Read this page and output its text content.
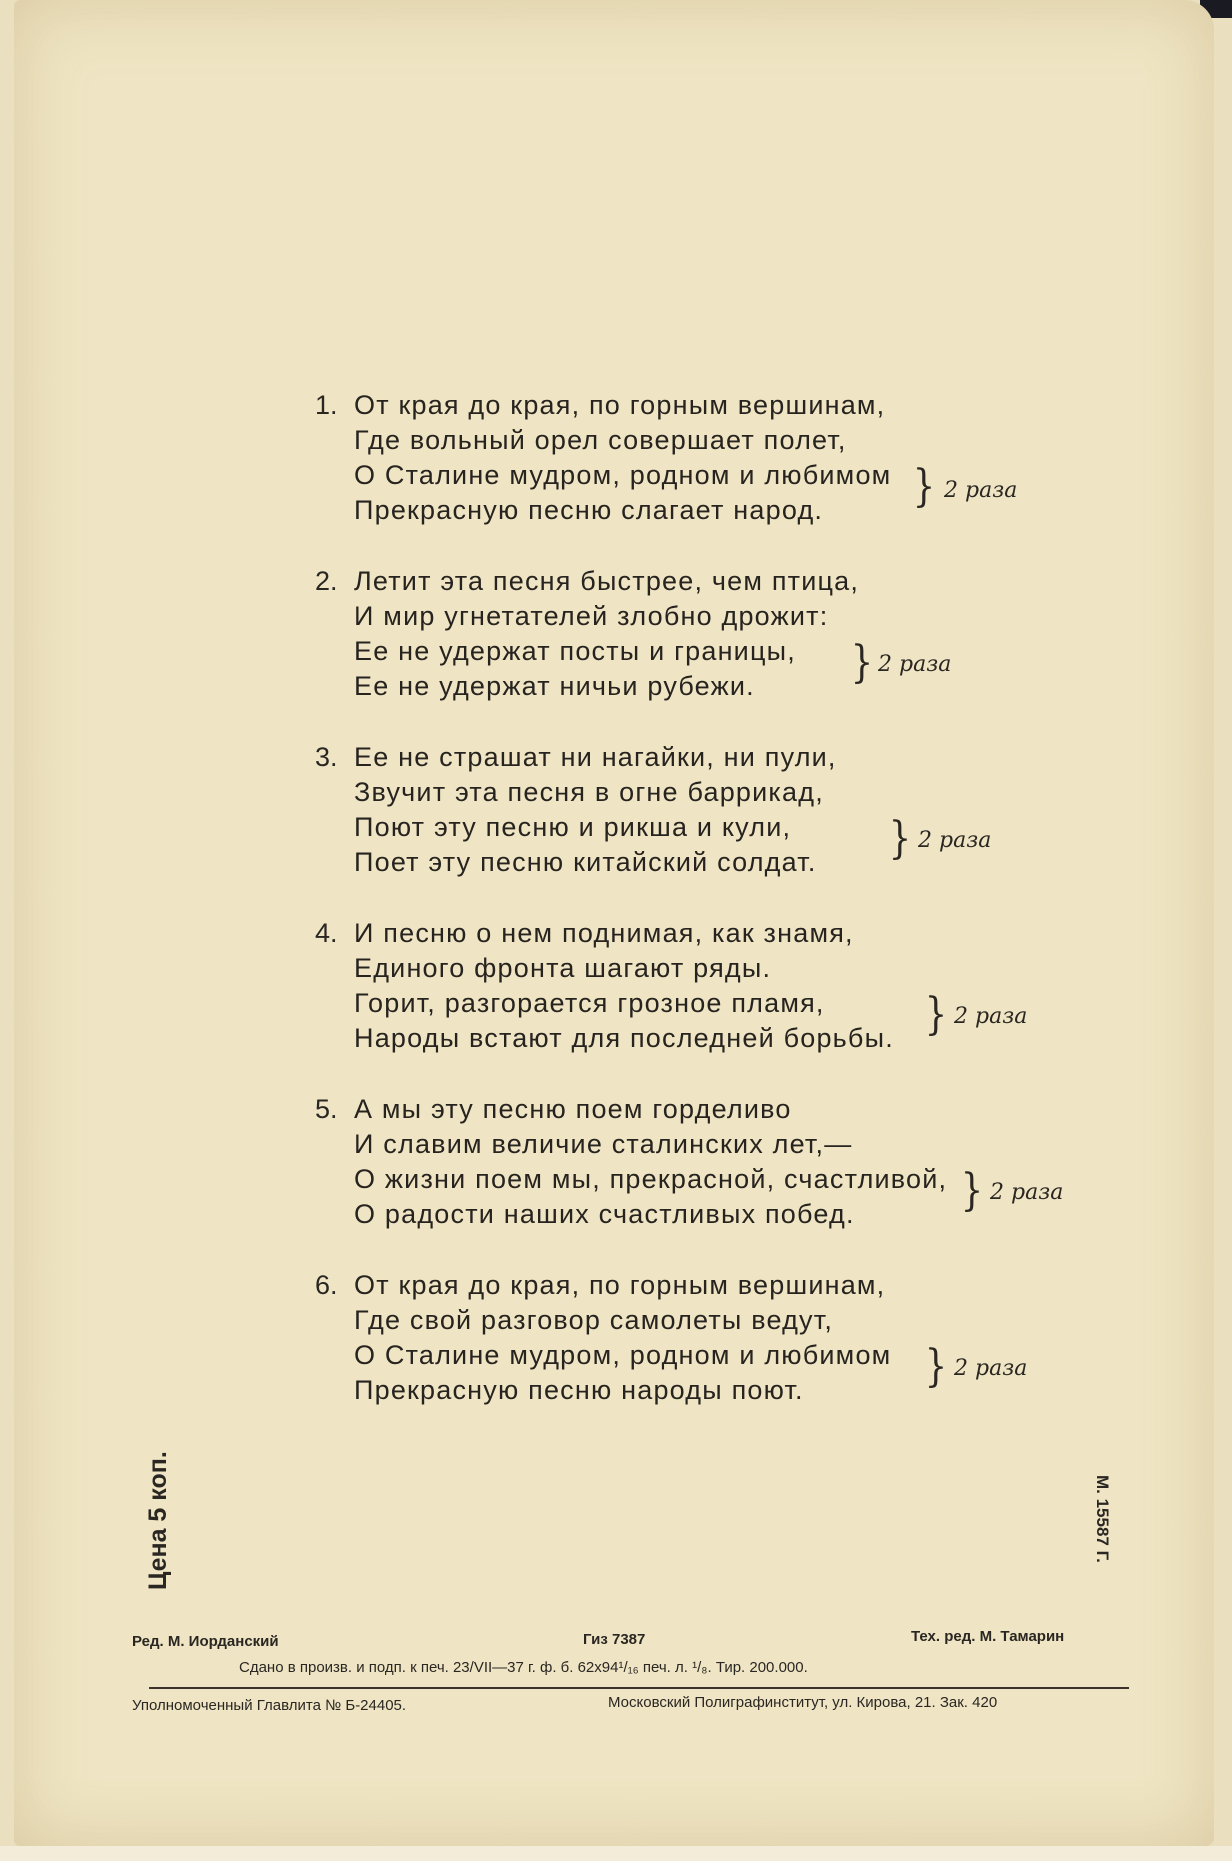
1. От края до края, по горным вершинам,
Где вольный орел совершает полет,
О Сталине мудром, родном и любимом
Прекрасную песню слагает народ.	} 2 раза
2. Летит эта песня быстрее, чем птица,
И мир угнетателей злобно дрожит:
Ее не удержат посты и границы,
Ее не удержат ничьи рубежи.	} 2 раза
3. Ее не страшат ни нагайки, ни пули,
Звучит эта песня в огне баррикад,
Поют эту песню и рикша и кули,
Поет эту песню китайский солдат.	} 2 раза
4. И песню о нем поднимая, как знамя,
Единого фронта шагают ряды.
Горит, разгорается грозное пламя,
Народы встают для последней борьбы. } 2 раза
5. А мы эту песню поем горделиво
И славим величие сталинских лет,—
О жизни поем мы, прекрасной, счастливой,
О радости наших счастливых побед.	} 2 раза
6. От края до края, по горным вершинам,
Где свой разговор самолеты ведут,
О Сталине мудром, родном и любимом
Прекрасную песню народы поют.	} 2 раза
Цена 5 коп.	М. 15587 Г.
Ред. М. Иорданский	Гиз 7387	Тех. ред. М. Тамарин
Сдано в произв. и подп. к печ. 23/VII—37 г. ф. б. 62х94¹/₁₆ печ. л. ¹/₈. Тир. 200.000.
Уполномоченный Главлита № Б-24405.	Московский Полиграфинститут, ул. Кирова, 21. Зак. 420
